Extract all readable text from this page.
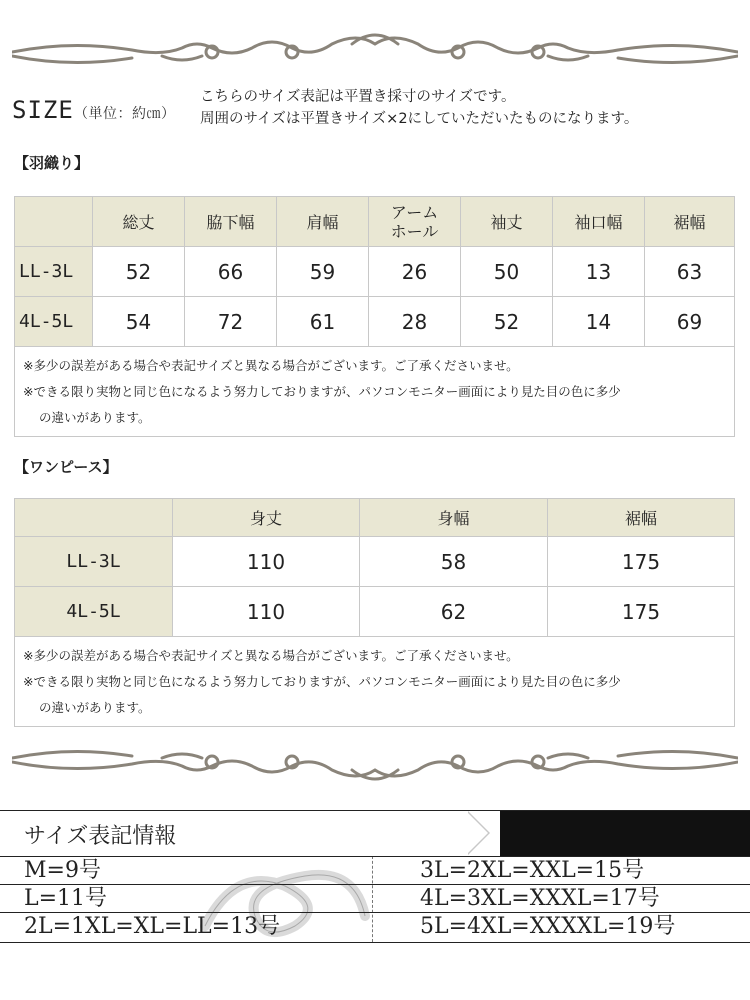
SIZE （単位：約㎝）
こちらのサイズ表記は平置き採寸のサイズです。
周囲のサイズは平置きサイズ×2にしていただいたものになります。
【羽織り】
	総丈	脇下幅	肩幅	アーム
ホール	袖丈	袖口幅	裾幅
LL-3L	52	66	59	26	50	13	63
4L-5L	54	72	61	28	52	14	69

※多少の誤差がある場合や表記サイズと異なる場合がございます。ご了承くださいませ。
※できる限り実物と同じ色になるよう努力しておりますが、パソコンモニター画面により見た目の色に多少
の違いがあります。							
【ワンピース】
	身丈	身幅	裾幅
LL-3L	110	58	175
4L-5L	110	62	175

※多少の誤差がある場合や表記サイズと異なる場合がございます。ご了承くださいませ。
※できる限り実物と同じ色になるよう努力しておりますが、パソコンモニター画面により見た目の色に多少
の違いがあります。			
サイズ表記情報
M=9号	3L=2XL=XXL=15号
L=11号	4L=3XL=XXXL=17号
2L=1XL=XL=LL=13号	5L=4XL=XXXXL=19号
